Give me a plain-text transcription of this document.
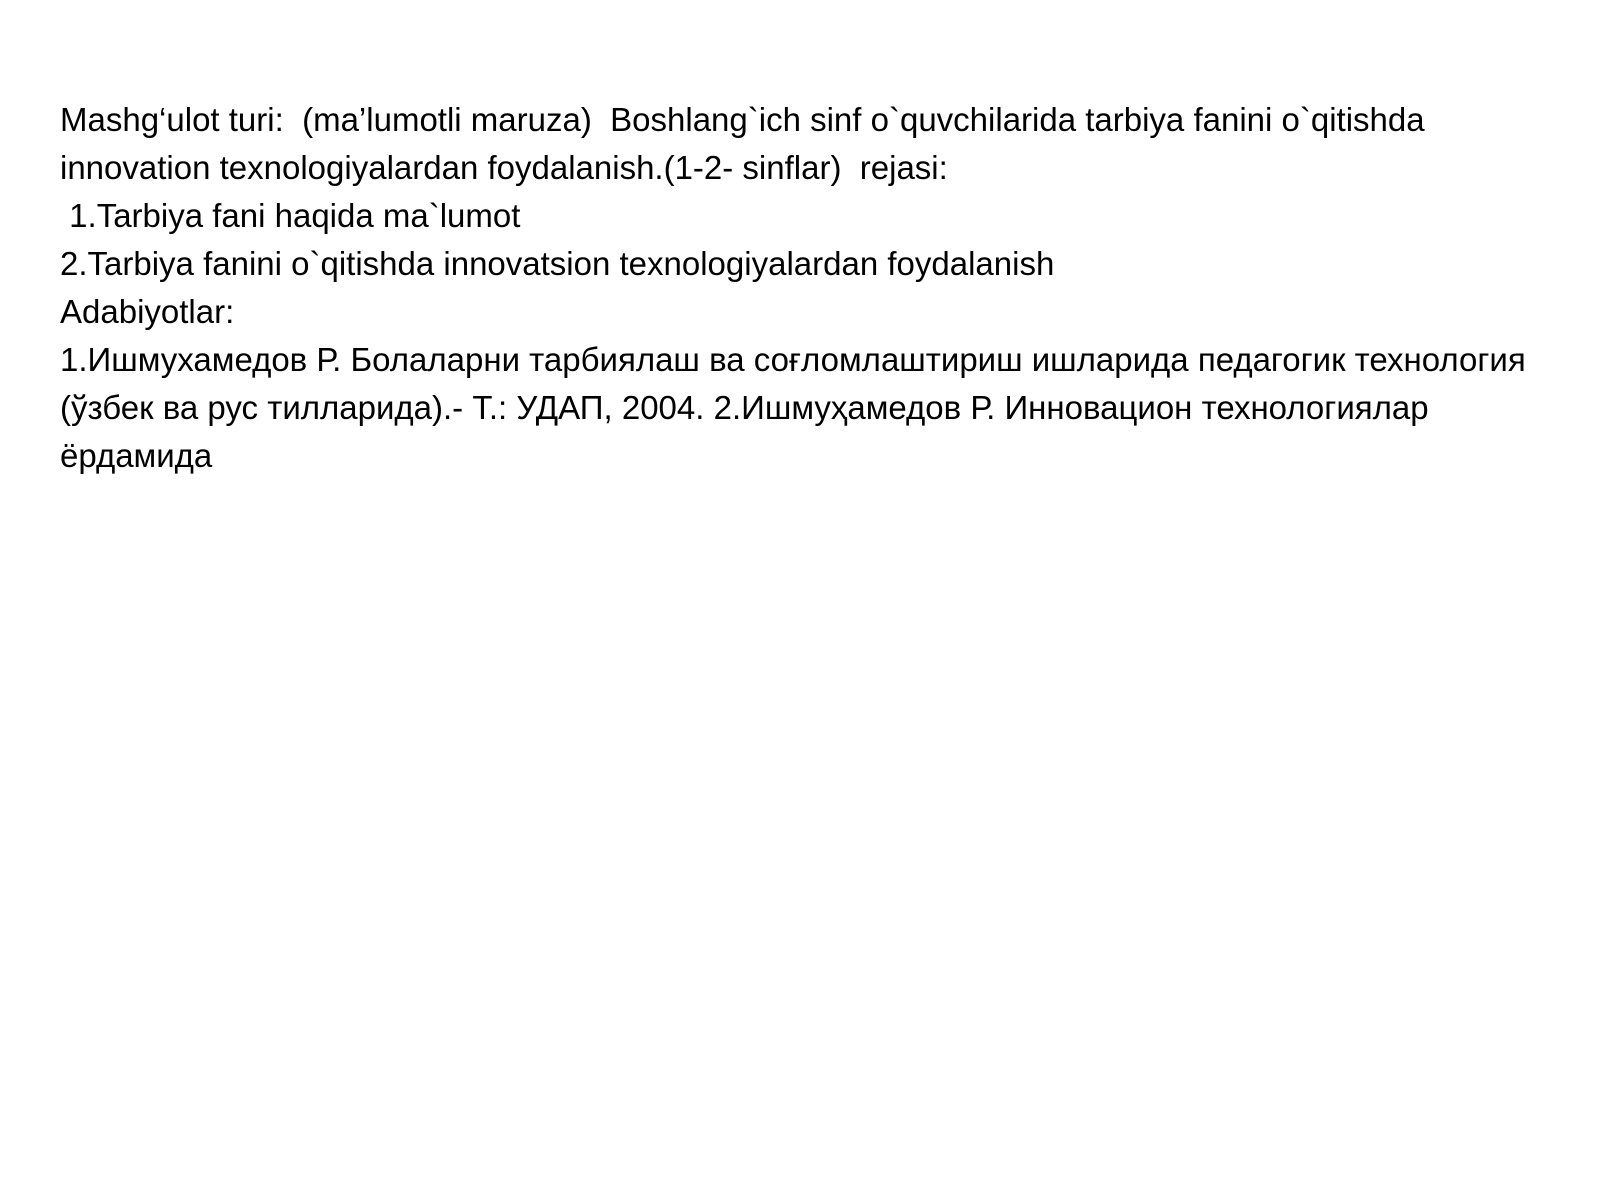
Mashg‘ulot turi:  (ma’lumotli maruza)  Boshlang`ich sinf o`quvchilarida tarbiya fanini o`qitishda innovation texnologiyalardan foydalanish.(1-2- sinflar)  rejasi:

1.Tarbiya fani haqida ma`lumot

2.Tarbiya fanini o`qitishda innovatsion texnologiyalardan foydalanish

Adabiyotlar:

1.Ишмухамедов Р. Болаларни тарбиялаш ва соғломлаштириш ишларида педагогик технология (ўзбек ва рус тилларида).- Т.: УДАП, 2004. 2.Ишмуҳамедов Р. Инновацион технологиялар ёрдамида
